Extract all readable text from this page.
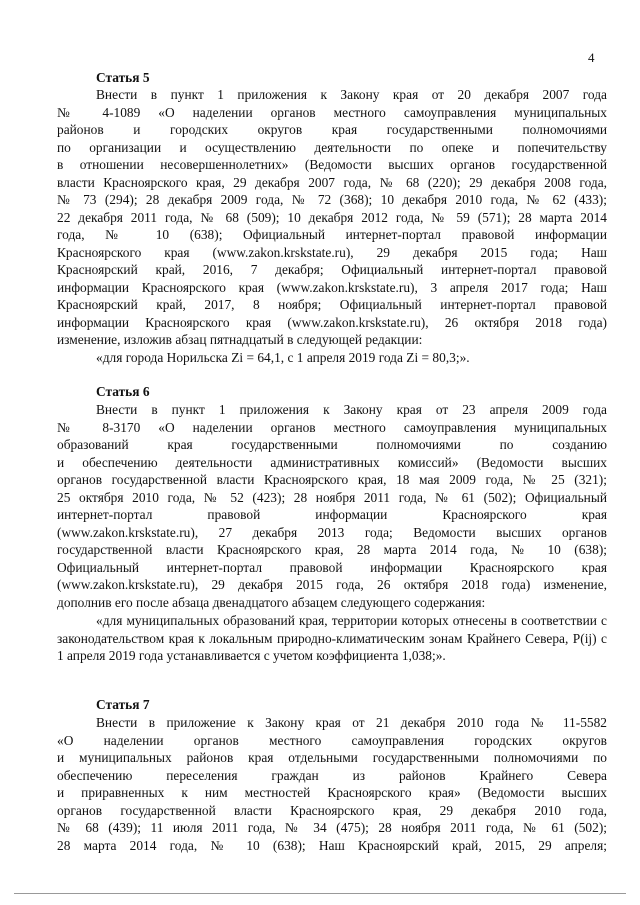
4
Статья 5
«для города Норильска Zi = 64,1, с 1 апреля 2019 года Zi = 80,3;».
Статья 6
«для муниципальных образований края, территории которых отнесены в соответствии с законодательством края к локальным природно-климатическим зонам Крайнего Севера, P(ij) с 1 апреля 2019 года устанавливается с учетом коэффициента 1,038;».
Статья 7
Внести в пункт 1 приложения к Закону края от 20 декабря 2007 года
№ 4-1089 «О наделении органов местного самоуправления муниципальных
районов и городских округов края государственными полномочиями
по организации и осуществлению деятельности по опеке и попечительству
в отношении несовершеннолетних» (Ведомости высших органов государственной
власти Красноярского края, 29 декабря 2007 года, № 68 (220); 29 декабря 2008 года,
№ 73 (294); 28 декабря 2009 года, № 72 (368); 10 декабря 2010 года, № 62 (433);
22 декабря 2011 года, № 68 (509); 10 декабря 2012 года, № 59 (571); 28 марта 2014
года, № 10 (638); Официальный интернет-портал правовой информации
Красноярского края (www.zakon.krskstate.ru), 29 декабря 2015 года; Наш
Красноярский край, 2016, 7 декабря; Официальный интернет-портал правовой
информации Красноярского края (www.zakon.krskstate.ru), 3 апреля 2017 года; Наш
Красноярский край, 2017, 8 ноября; Официальный интернет-портал правовой
информации Красноярского края (www.zakon.krskstate.ru), 26 октября 2018 года)
изменение, изложив абзац пятнадцатый в следующей редакции:
Внести в пункт 1 приложения к Закону края от 23 апреля 2009 года
№ 8-3170 «О наделении органов местного самоуправления муниципальных
образований края государственными полномочиями по созданию
и обеспечению деятельности административных комиссий» (Ведомости высших
органов государственной власти Красноярского края, 18 мая 2009 года, № 25 (321);
25 октября 2010 года, № 52 (423); 28 ноября 2011 года, № 61 (502); Официальный
интернет-портал правовой информации Красноярского края
(www.zakon.krskstate.ru), 27 декабря 2013 года; Ведомости высших органов
государственной власти Красноярского края, 28 марта 2014 года, № 10 (638);
Официальный интернет-портал правовой информации Красноярского края
(www.zakon.krskstate.ru), 29 декабря 2015 года, 26 октября 2018 года) изменение,
дополнив его после абзаца двенадцатого абзацем следующего содержания:
Внести в приложение к Закону края от 21 декабря 2010 года № 11-5582
«О наделении органов местного самоуправления городских округов
и муниципальных районов края отдельными государственными полномочиями по
обеспечению переселения граждан из районов Крайнего Севера
и приравненных к ним местностей Красноярского края» (Ведомости высших
органов государственной власти Красноярского края, 29 декабря 2010 года,
№ 68 (439); 11 июля 2011 года, № 34 (475); 28 ноября 2011 года, № 61 (502);
28 марта 2014 года, № 10 (638); Наш Красноярский край, 2015, 29 апреля;
